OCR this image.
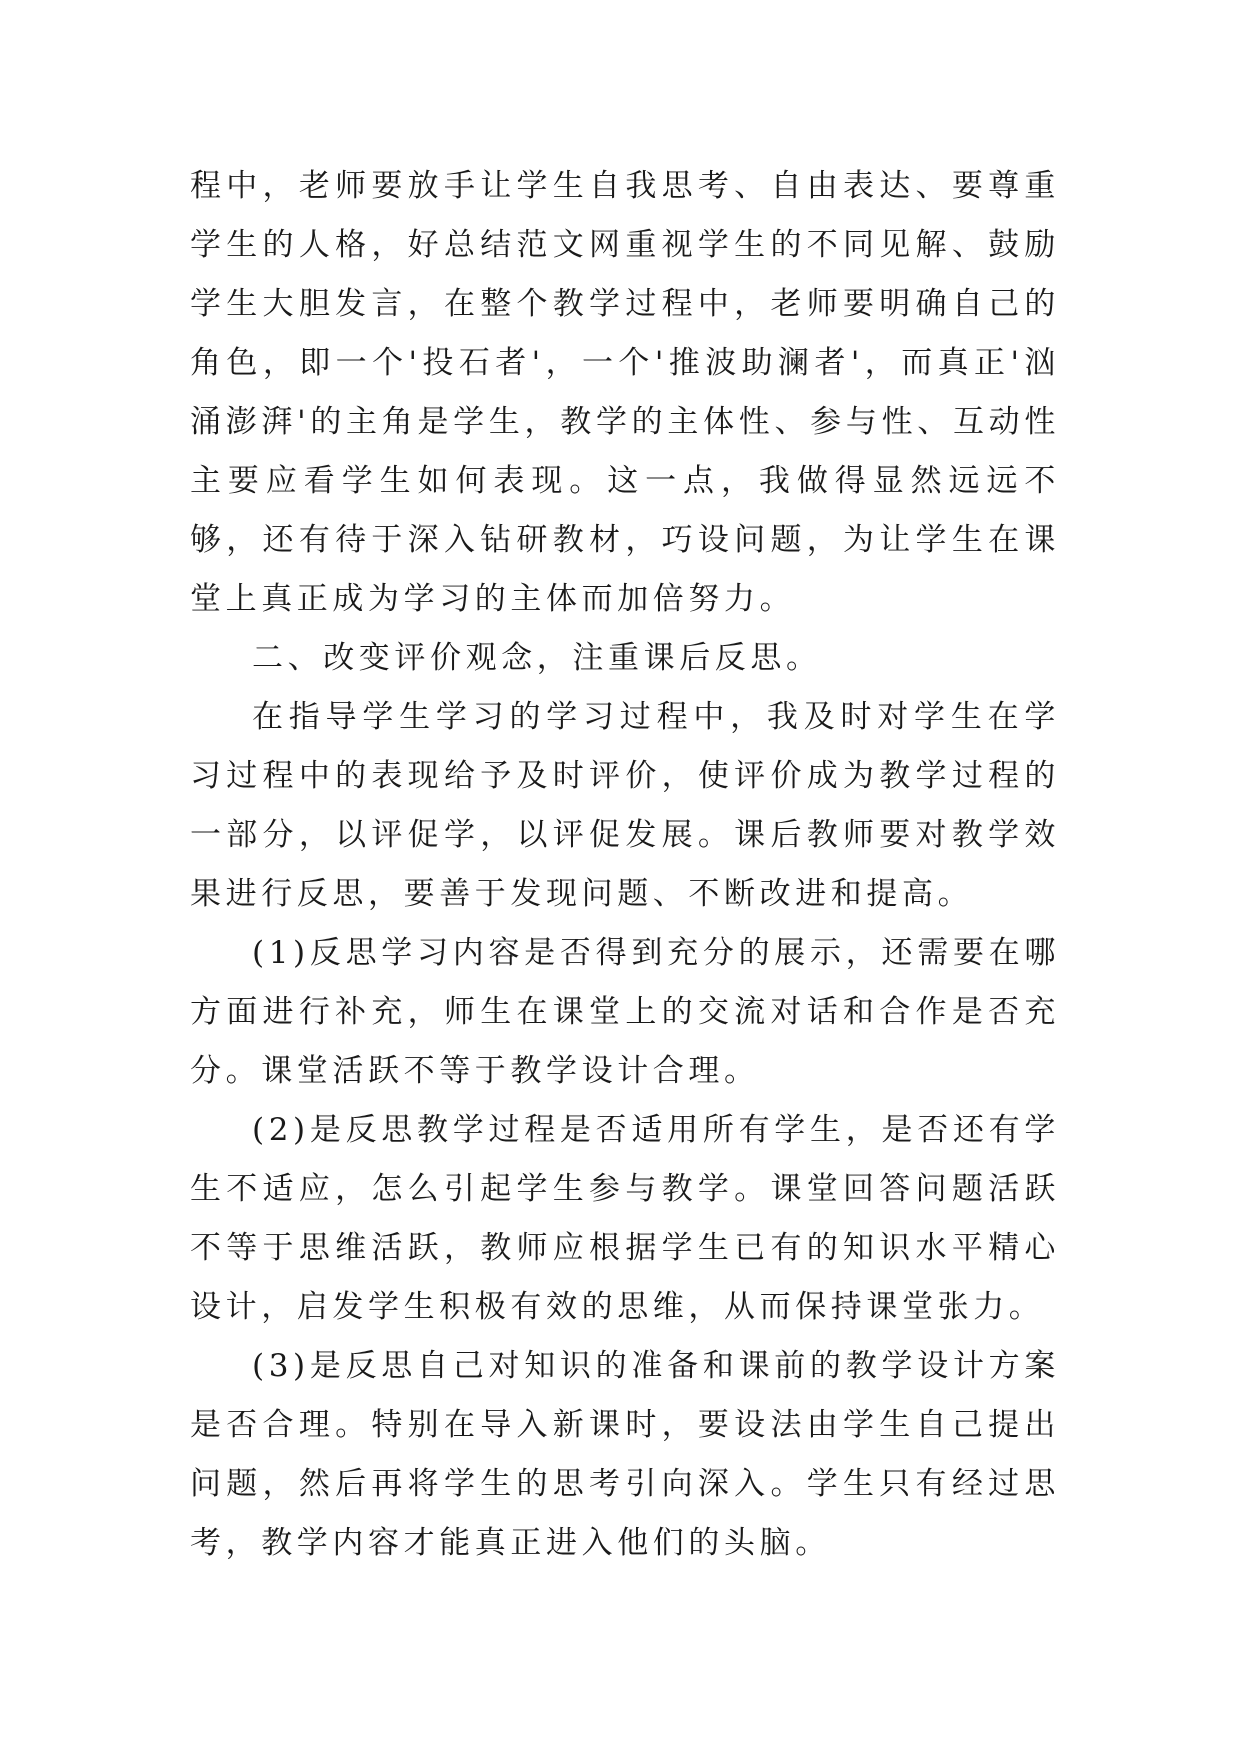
程中，老师要放手让学生自我思考、自由表达、要尊重学生的人格，好总结范文网重视学生的不同见解、鼓励学生大胆发言，在整个教学过程中，老师要明确自己的角色，即一个'投石者'，一个'推波助澜者'，而真正'汹涌澎湃'的主角是学生，教学的主体性、参与性、互动性主要应看学生如何表现。这一点，我做得显然远远不够，还有待于深入钻研教材，巧设问题，为让学生在课堂上真正成为学习的主体而加倍努力。

二、改变评价观念，注重课后反思。

在指导学生学习的学习过程中，我及时对学生在学习过程中的表现给予及时评价，使评价成为教学过程的一部分，以评促学，以评促发展。课后教师要对教学效果进行反思，要善于发现问题、不断改进和提高。

(1)反思学习内容是否得到充分的展示，还需要在哪方面进行补充，师生在课堂上的交流对话和合作是否充分。课堂活跃不等于教学设计合理。

(2)是反思教学过程是否适用所有学生，是否还有学生不适应，怎么引起学生参与教学。课堂回答问题活跃不等于思维活跃，教师应根据学生已有的知识水平精心设计，启发学生积极有效的思维，从而保持课堂张力。

(3)是反思自己对知识的准备和课前的教学设计方案是否合理。特别在导入新课时，要设法由学生自己提出问题，然后再将学生的思考引向深入。学生只有经过思考，教学内容才能真正进入他们的头脑。
